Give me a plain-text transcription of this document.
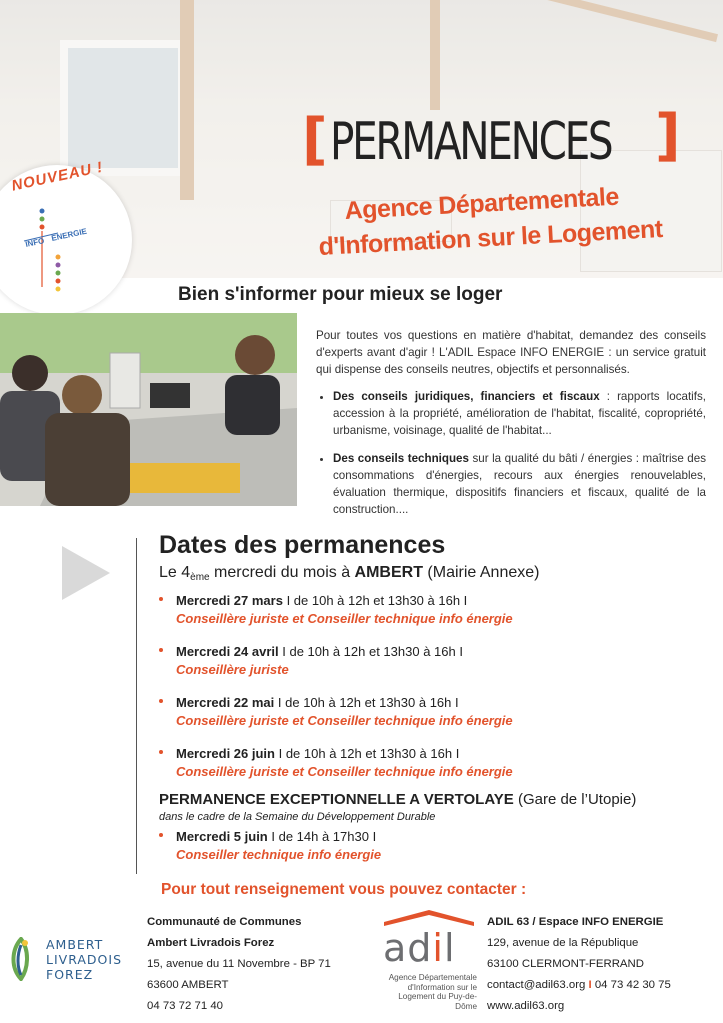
[ PERMANENCES ]
Agence Départementale
d'Information sur le Logement
NOUVEAU !
INFO ÉNERGIE
Bien s'informer pour mieux se loger
Pour toutes vos questions en matière d'habitat, demandez des conseils d'experts avant d'agir ! L'ADIL Espace INFO ENERGIE : un service gratuit qui dispense des conseils neutres, objectifs et personnalisés.
• Des conseils juridiques, financiers et fiscaux : rapports locatifs, accession à la propriété, amélioration de l'habitat, fiscalité, copropriété, urbanisme, voisinage, qualité de l'habitat...
• Des conseils techniques sur la qualité du bâti / énergies : maîtrise des consommations d'énergies, recours aux énergies renouvelables, évaluation thermique, dispositifs financiers et fiscaux, qualité de la construction....
Dates des permanences
Le 4ème mercredi du mois à AMBERT (Mairie Annexe)
Mercredi 27 mars I de 10h à 12h et 13h30 à 16h I
Conseillère juriste et Conseiller technique info énergie
Mercredi 24 avril I de 10h à 12h et 13h30 à 16h I
Conseillère juriste
Mercredi 22 mai I de 10h à 12h et 13h30 à 16h I
Conseillère juriste et Conseiller technique info énergie
Mercredi 26 juin I de 10h à 12h et 13h30 à 16h I
Conseillère juriste et Conseiller technique info énergie
PERMANENCE EXCEPTIONNELLE A VERTOLAYE (Gare de l’Utopie)
dans le cadre de la Semaine du Développement Durable
Mercredi 5 juin I de 14h à 17h30 I
Conseiller technique info énergie
Pour tout renseignement vous pouvez contacter :
AMBERT
LIVRADOIS
FOREZ
Communauté de Communes
Ambert Livradois Forez
15, avenue du 11 Novembre - BP 71
63600 AMBERT
04 73 72 71 40
adil
Agence Départementale d'Information sur le Logement du Puy-de-Dôme
ADIL 63 / Espace INFO ENERGIE
129, avenue de la République
63100 CLERMONT-FERRAND
contact@adil63.org I 04 73 42 30 75
www.adil63.org
